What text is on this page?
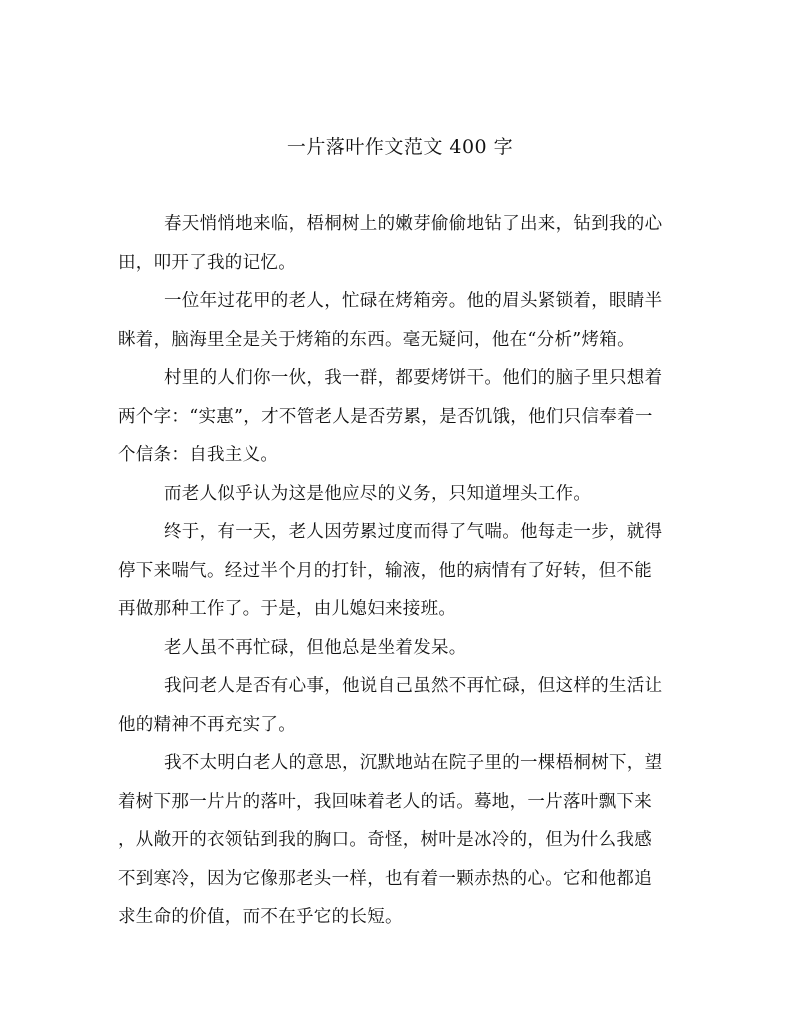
一片落叶作文范文 400 字
春天悄悄地来临，梧桐树上的嫩芽偷偷地钻了出来，钻到我的心
田，叩开了我的记忆。
一位年过花甲的老人，忙碌在烤箱旁。他的眉头紧锁着，眼睛半
眯着，脑海里全是关于烤箱的东西。毫无疑问，他在“分析”烤箱。
村里的人们你一伙，我一群，都要烤饼干。他们的脑子里只想着
两个字：“实惠”，才不管老人是否劳累，是否饥饿，他们只信奉着一
个信条：自我主义。
而老人似乎认为这是他应尽的义务，只知道埋头工作。
终于，有一天，老人因劳累过度而得了气喘。他每走一步，就得
停下来喘气。经过半个月的打针，输液，他的病情有了好转，但不能
再做那种工作了。于是，由儿媳妇来接班。
老人虽不再忙碌，但他总是坐着发呆。
我问老人是否有心事，他说自己虽然不再忙碌，但这样的生活让
他的精神不再充实了。
我不太明白老人的意思，沉默地站在院子里的一棵梧桐树下，望
着树下那一片片的落叶，我回味着老人的话。蓦地，一片落叶飘下来
，从敞开的衣领钻到我的胸口。奇怪，树叶是冰冷的，但为什么我感
不到寒冷，因为它像那老头一样，也有着一颗赤热的心。它和他都追
求生命的价值，而不在乎它的长短。
